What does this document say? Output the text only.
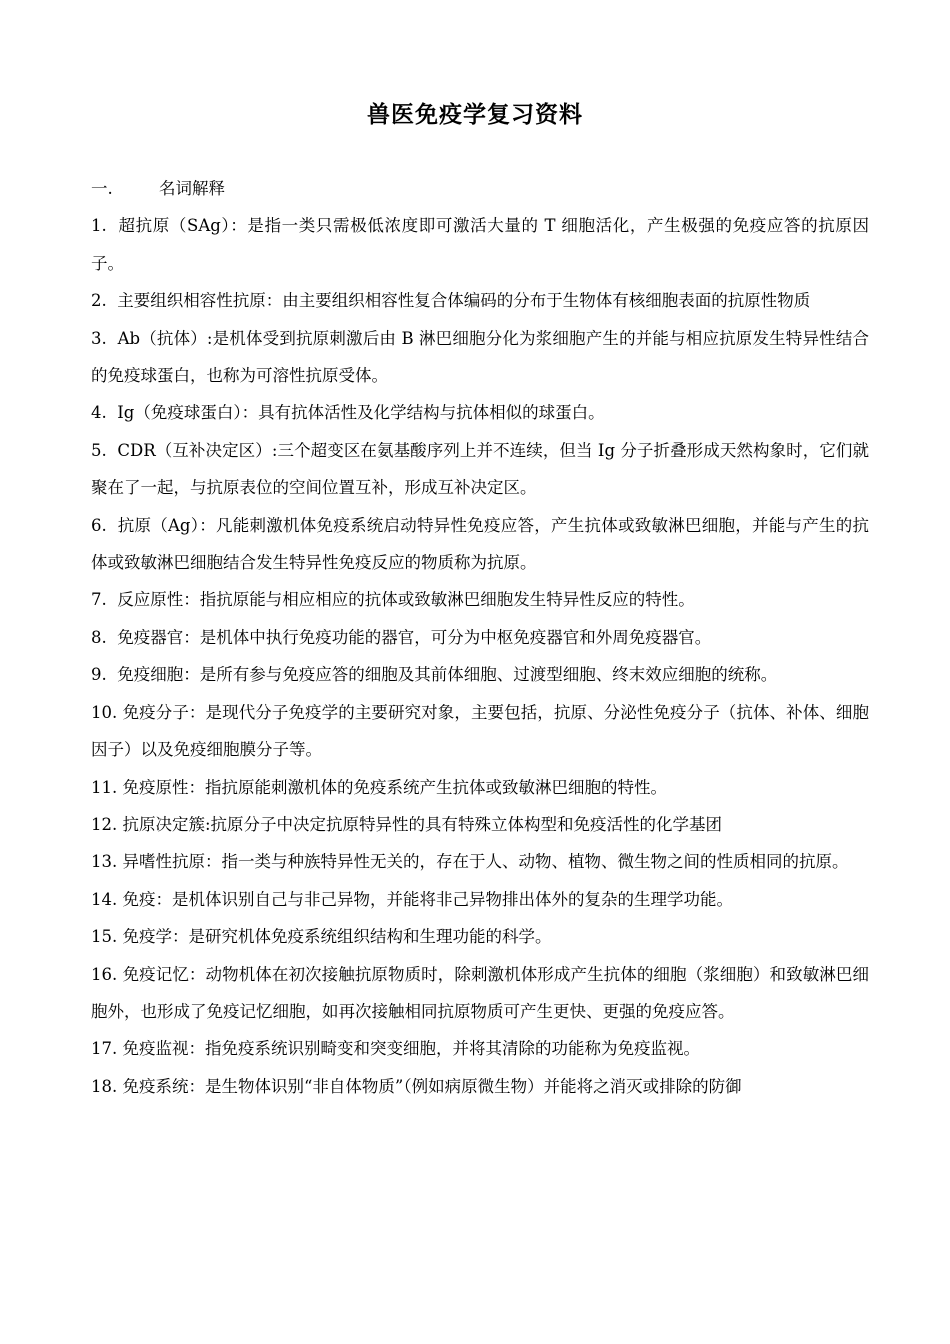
兽医免疫学复习资料
一.	名词解释

1.  超抗原（SAg）：是指一类只需极低浓度即可激活大量的 T 细胞活化，产生极强的免疫应答的抗原因子。

2.  主要组织相容性抗原：由主要组织相容性复合体编码的分布于生物体有核细胞表面的抗原性物质

3.  Ab（抗体）:是机体受到抗原刺激后由 B 淋巴细胞分化为浆细胞产生的并能与相应抗原发生特异性结合的免疫球蛋白，也称为可溶性抗原受体。

4.  Ig（免疫球蛋白）：具有抗体活性及化学结构与抗体相似的球蛋白。

5.  CDR（互补决定区）:三个超变区在氨基酸序列上并不连续，但当 Ig 分子折叠形成天然构象时，它们就聚在了一起，与抗原表位的空间位置互补，形成互补决定区。

6.  抗原（Ag）：凡能刺激机体免疫系统启动特异性免疫应答，产生抗体或致敏淋巴细胞，并能与产生的抗体或致敏淋巴细胞结合发生特异性免疫反应的物质称为抗原。

7.  反应原性：指抗原能与相应相应的抗体或致敏淋巴细胞发生特异性反应的特性。

8.  免疫器官：是机体中执行免疫功能的器官，可分为中枢免疫器官和外周免疫器官。

9.  免疫细胞：是所有参与免疫应答的细胞及其前体细胞、过渡型细胞、终末效应细胞的统称。

10. 免疫分子：是现代分子免疫学的主要研究对象，主要包括，抗原、分泌性免疫分子（抗体、补体、细胞因子）以及免疫细胞膜分子等。

11. 免疫原性：指抗原能刺激机体的免疫系统产生抗体或致敏淋巴细胞的特性。

12. 抗原决定簇:抗原分子中决定抗原特异性的具有特殊立体构型和免疫活性的化学基团

13. 异嗜性抗原：指一类与种族特异性无关的，存在于人、动物、植物、微生物之间的性质相同的抗原。

14. 免疫：是机体识别自己与非己异物，并能将非己异物排出体外的复杂的生理学功能。

15. 免疫学：是研究机体免疫系统组织结构和生理功能的科学。

16. 免疫记忆：动物机体在初次接触抗原物质时，除刺激机体形成产生抗体的细胞（浆细胞）和致敏淋巴细胞外，也形成了免疫记忆细胞，如再次接触相同抗原物质可产生更快、更强的免疫应答。

17. 免疫监视：指免疫系统识别畸变和突变细胞，并将其清除的功能称为免疫监视。

18. 免疫系统：是生物体识别“非自体物质”（例如病原微生物）并能将之消灭或排除的防御
